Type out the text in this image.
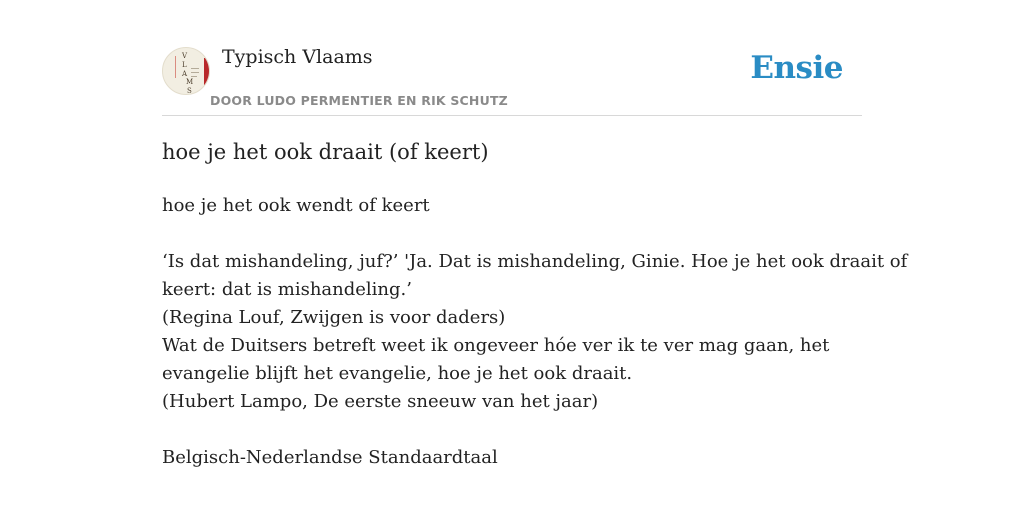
V
L
A
M
S
Typisch Vlaams
DOOR LUDO PERMENTIER EN RIK SCHUTZ
Ensie
hoe je het ook draait (of keert)

hoe je het ook wendt of keert

‘Is dat mishandeling, juf?’ 'Ja. Dat is mishandeling, Ginie. Hoe je het ook draait of

keert: dat is mishandeling.’

(Regina Louf, Zwijgen is voor daders)

Wat de Duitsers betreft weet ik ongeveer hóe ver ik te ver mag gaan, het

evangelie blijft het evangelie, hoe je het ook draait.

(Hubert Lampo, De eerste sneeuw van het jaar)

Belgisch-Nederlandse Standaardtaal
